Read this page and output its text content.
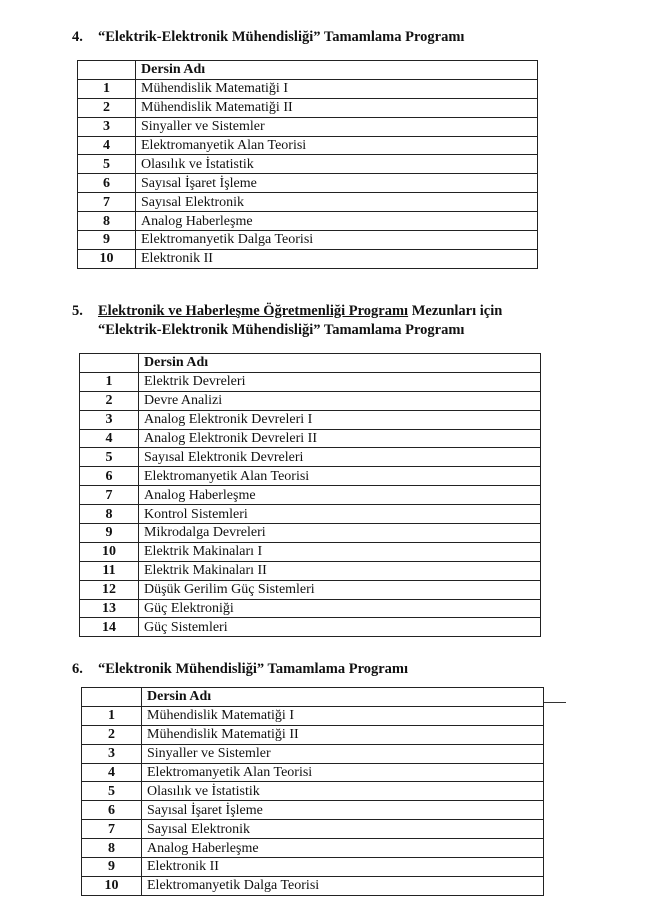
4. “Elektrik-Elektronik Mühendisliği” Tamamlama Programı
	Dersin Adı
1	Mühendislik Matematiği I
2	Mühendislik Matematiği II
3	Sinyaller ve Sistemler
4	Elektromanyetik Alan Teorisi
5	Olasılık ve İstatistik
6	Sayısal İşaret İşleme
7	Sayısal Elektronik
8	Analog Haberleşme
9	Elektromanyetik Dalga Teorisi
10	Elektronik II
5. Elektronik ve Haberleşme Öğretmenliği Programı Mezunları için
“Elektrik-Elektronik Mühendisliği” Tamamlama Programı
	Dersin Adı
1	Elektrik Devreleri
2	Devre Analizi
3	Analog Elektronik Devreleri I
4	Analog Elektronik Devreleri II
5	Sayısal Elektronik Devreleri
6	Elektromanyetik Alan Teorisi
7	Analog Haberleşme
8	Kontrol Sistemleri
9	Mikrodalga Devreleri
10	Elektrik Makinaları I
11	Elektrik Makinaları II
12	Düşük Gerilim Güç Sistemleri
13	Güç Elektroniği
14	Güç Sistemleri
6. “Elektronik Mühendisliği” Tamamlama Programı
	Dersin Adı
1	Mühendislik Matematiği I
2	Mühendislik Matematiği II
3	Sinyaller ve Sistemler
4	Elektromanyetik Alan Teorisi
5	Olasılık ve İstatistik
6	Sayısal İşaret İşleme
7	Sayısal Elektronik
8	Analog Haberleşme
9	Elektronik II
10	Elektromanyetik Dalga Teorisi
